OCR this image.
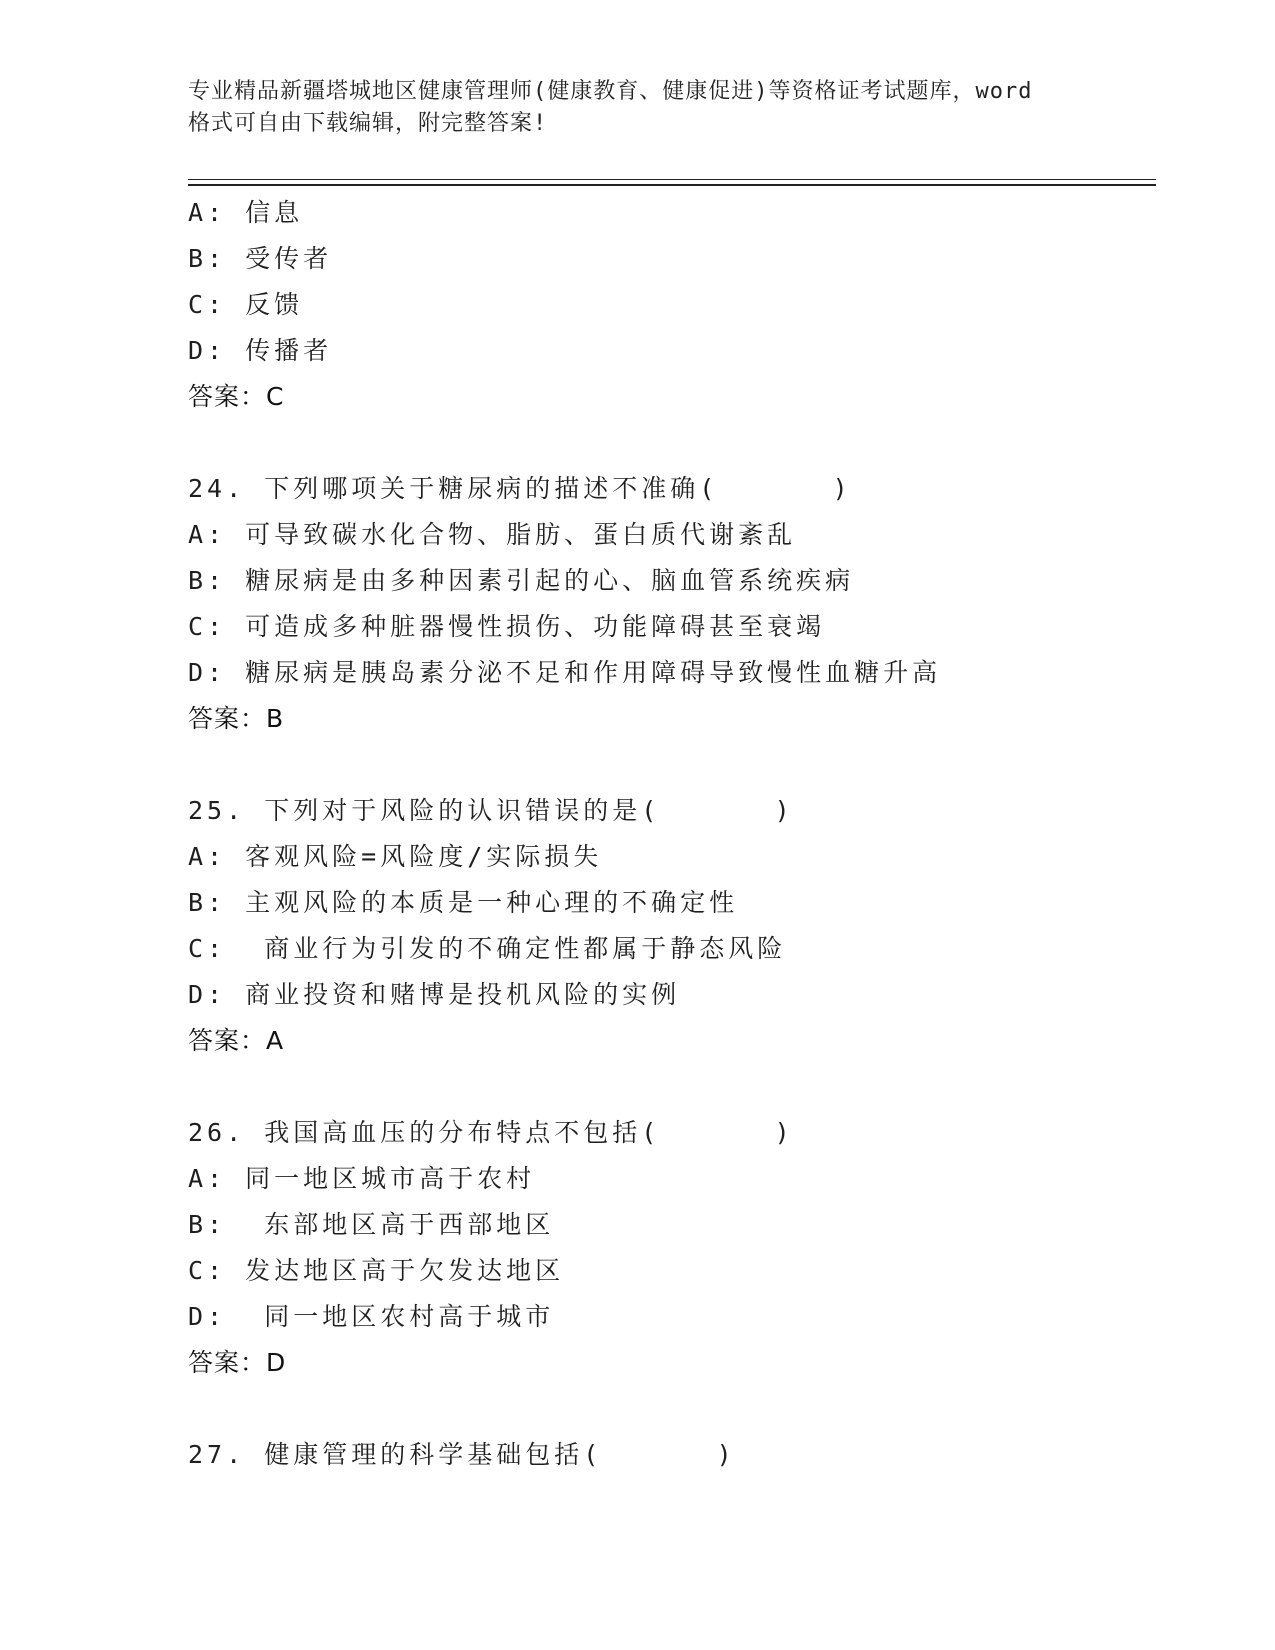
专业精品新疆塔城地区健康管理师(健康教育、健康促进)等资格证考试题库，word
格式可自由下载编辑，附完整答案!
A: 信息
B: 受传者
C: 反馈
D: 传播者
答案：C
24. 下列哪项关于糖尿病的描述不准确(      )
A: 可导致碳水化合物、脂肪、蛋白质代谢紊乱
B: 糖尿病是由多种因素引起的心、脑血管系统疾病
C: 可造成多种脏器慢性损伤、功能障碍甚至衰竭
D: 糖尿病是胰岛素分泌不足和作用障碍导致慢性血糖升高
答案：B
25. 下列对于风险的认识错误的是(      )
A: 客观风险=风险度/实际损失
B: 主观风险的本质是一种心理的不确定性
C:  商业行为引发的不确定性都属于静态风险
D: 商业投资和赌博是投机风险的实例
答案：A
26. 我国高血压的分布特点不包括(      )
A: 同一地区城市高于农村
B:  东部地区高于西部地区
C: 发达地区高于欠发达地区
D:  同一地区农村高于城市
答案：D
27. 健康管理的科学基础包括(      )
